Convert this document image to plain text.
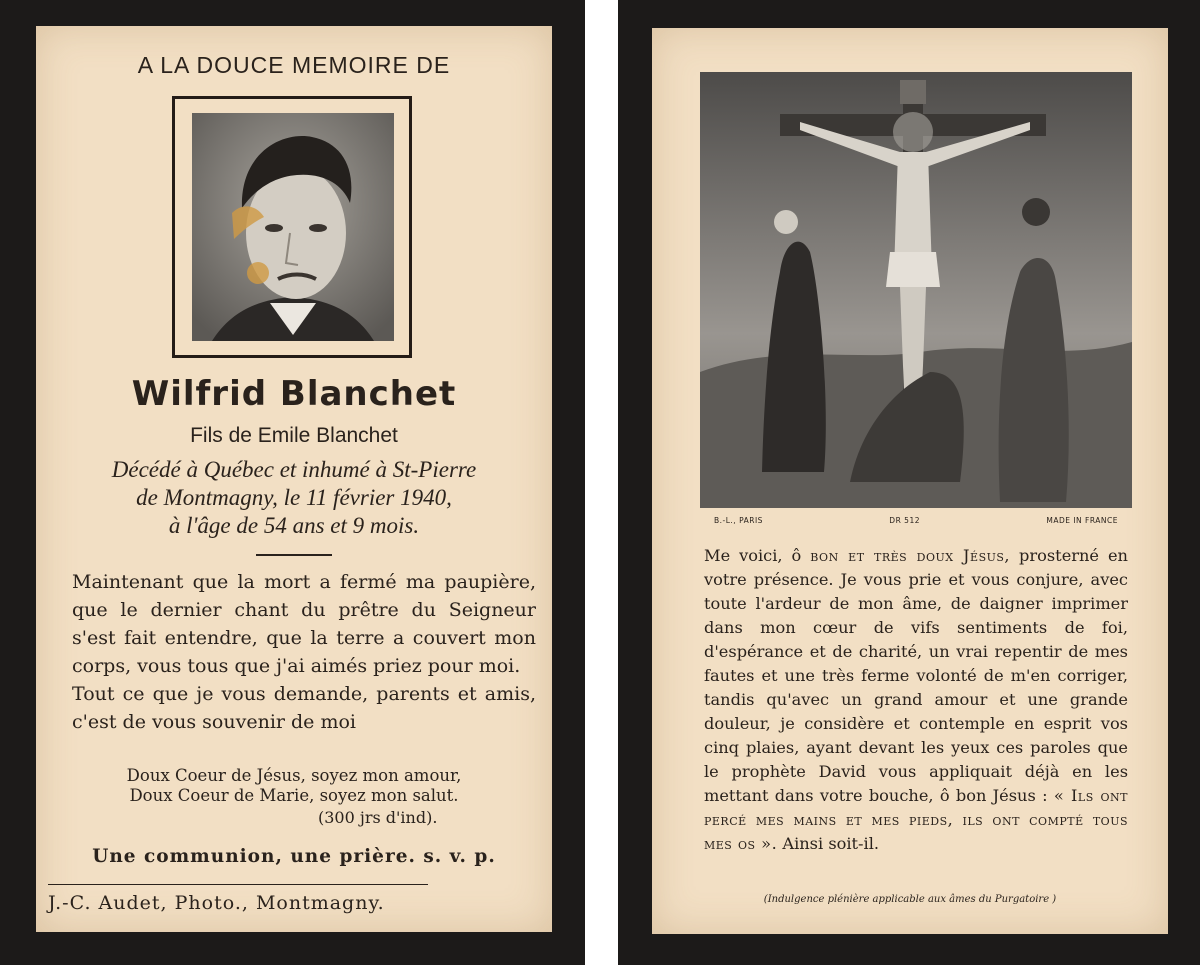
A LA DOUCE MEMOIRE DE
Wilfrid Blanchet
Fils de Emile Blanchet
Décédé à Québec et inhumé à St-Pierre
de Montmagny, le 11 février 1940,
à l'âge de 54 ans et 9 mois.

Maintenant que la mort a fermé ma paupière, que le dernier chant du prêtre du Seigneur s'est fait entendre, que la terre a couvert mon corps, vous tous que j'ai aimés priez pour moi.

Tout ce que je vous demande, parents et amis, c'est de vous souvenir de moi

Doux Coeur de Jésus, soyez mon amour,
Doux Coeur de Marie, soyez mon salut.
(300 jrs d'ind).
Une communion, une prière. s. v. p.
J.-C. Audet, Photo., Montmagny.
B.-L., PARIS	DR 512	MADE IN FRANCE
Me voici, ô bon et très doux Jésus, prosterné en votre présence. Je vous prie et vous conjure, avec toute l'ardeur de mon âme, de daigner imprimer dans mon cœur de vifs sentiments de foi, d'espérance et de charité, un vrai repentir de mes fautes et une très ferme volonté de m'en corriger, tandis qu'avec un grand amour et une grande douleur, je considère et contemple en esprit vos cinq plaies, ayant devant les yeux ces paroles que le prophète David vous appliquait déjà en les mettant dans votre bouche, ô bon Jésus : « Ils ont percé mes mains et mes pieds, ils ont compté tous mes os ». Ainsi soit-il.
(Indulgence plénière applicable aux âmes du Purgatoire )
